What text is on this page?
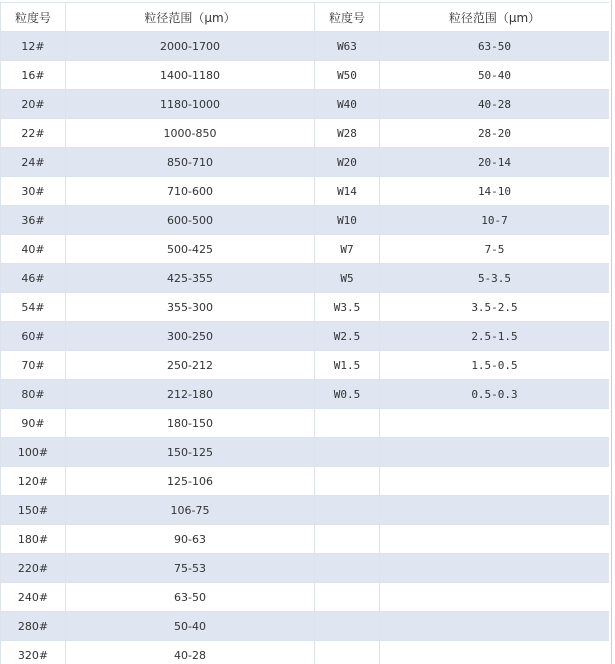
粒度号	粒径范围（μm）	粒度号	粒径范围（μm）
12#	2000-1700	W63	63-50
16#	1400-1180	W50	50-40
20#	1180-1000	W40	40-28
22#	1000-850	W28	28-20
24#	850-710	W20	20-14
30#	710-600	W14	14-10
36#	600-500	W10	10-7
40#	500-425	W7	7-5
46#	425-355	W5	5-3.5
54#	355-300	W3.5	3.5-2.5
60#	300-250	W2.5	2.5-1.5
70#	250-212	W1.5	1.5-0.5
80#	212-180	W0.5	0.5-0.3
90#	180-150		
100#	150-125		
120#	125-106		
150#	106-75		
180#	90-63		
220#	75-53		
240#	63-50		
280#	50-40		
320#	40-28		
